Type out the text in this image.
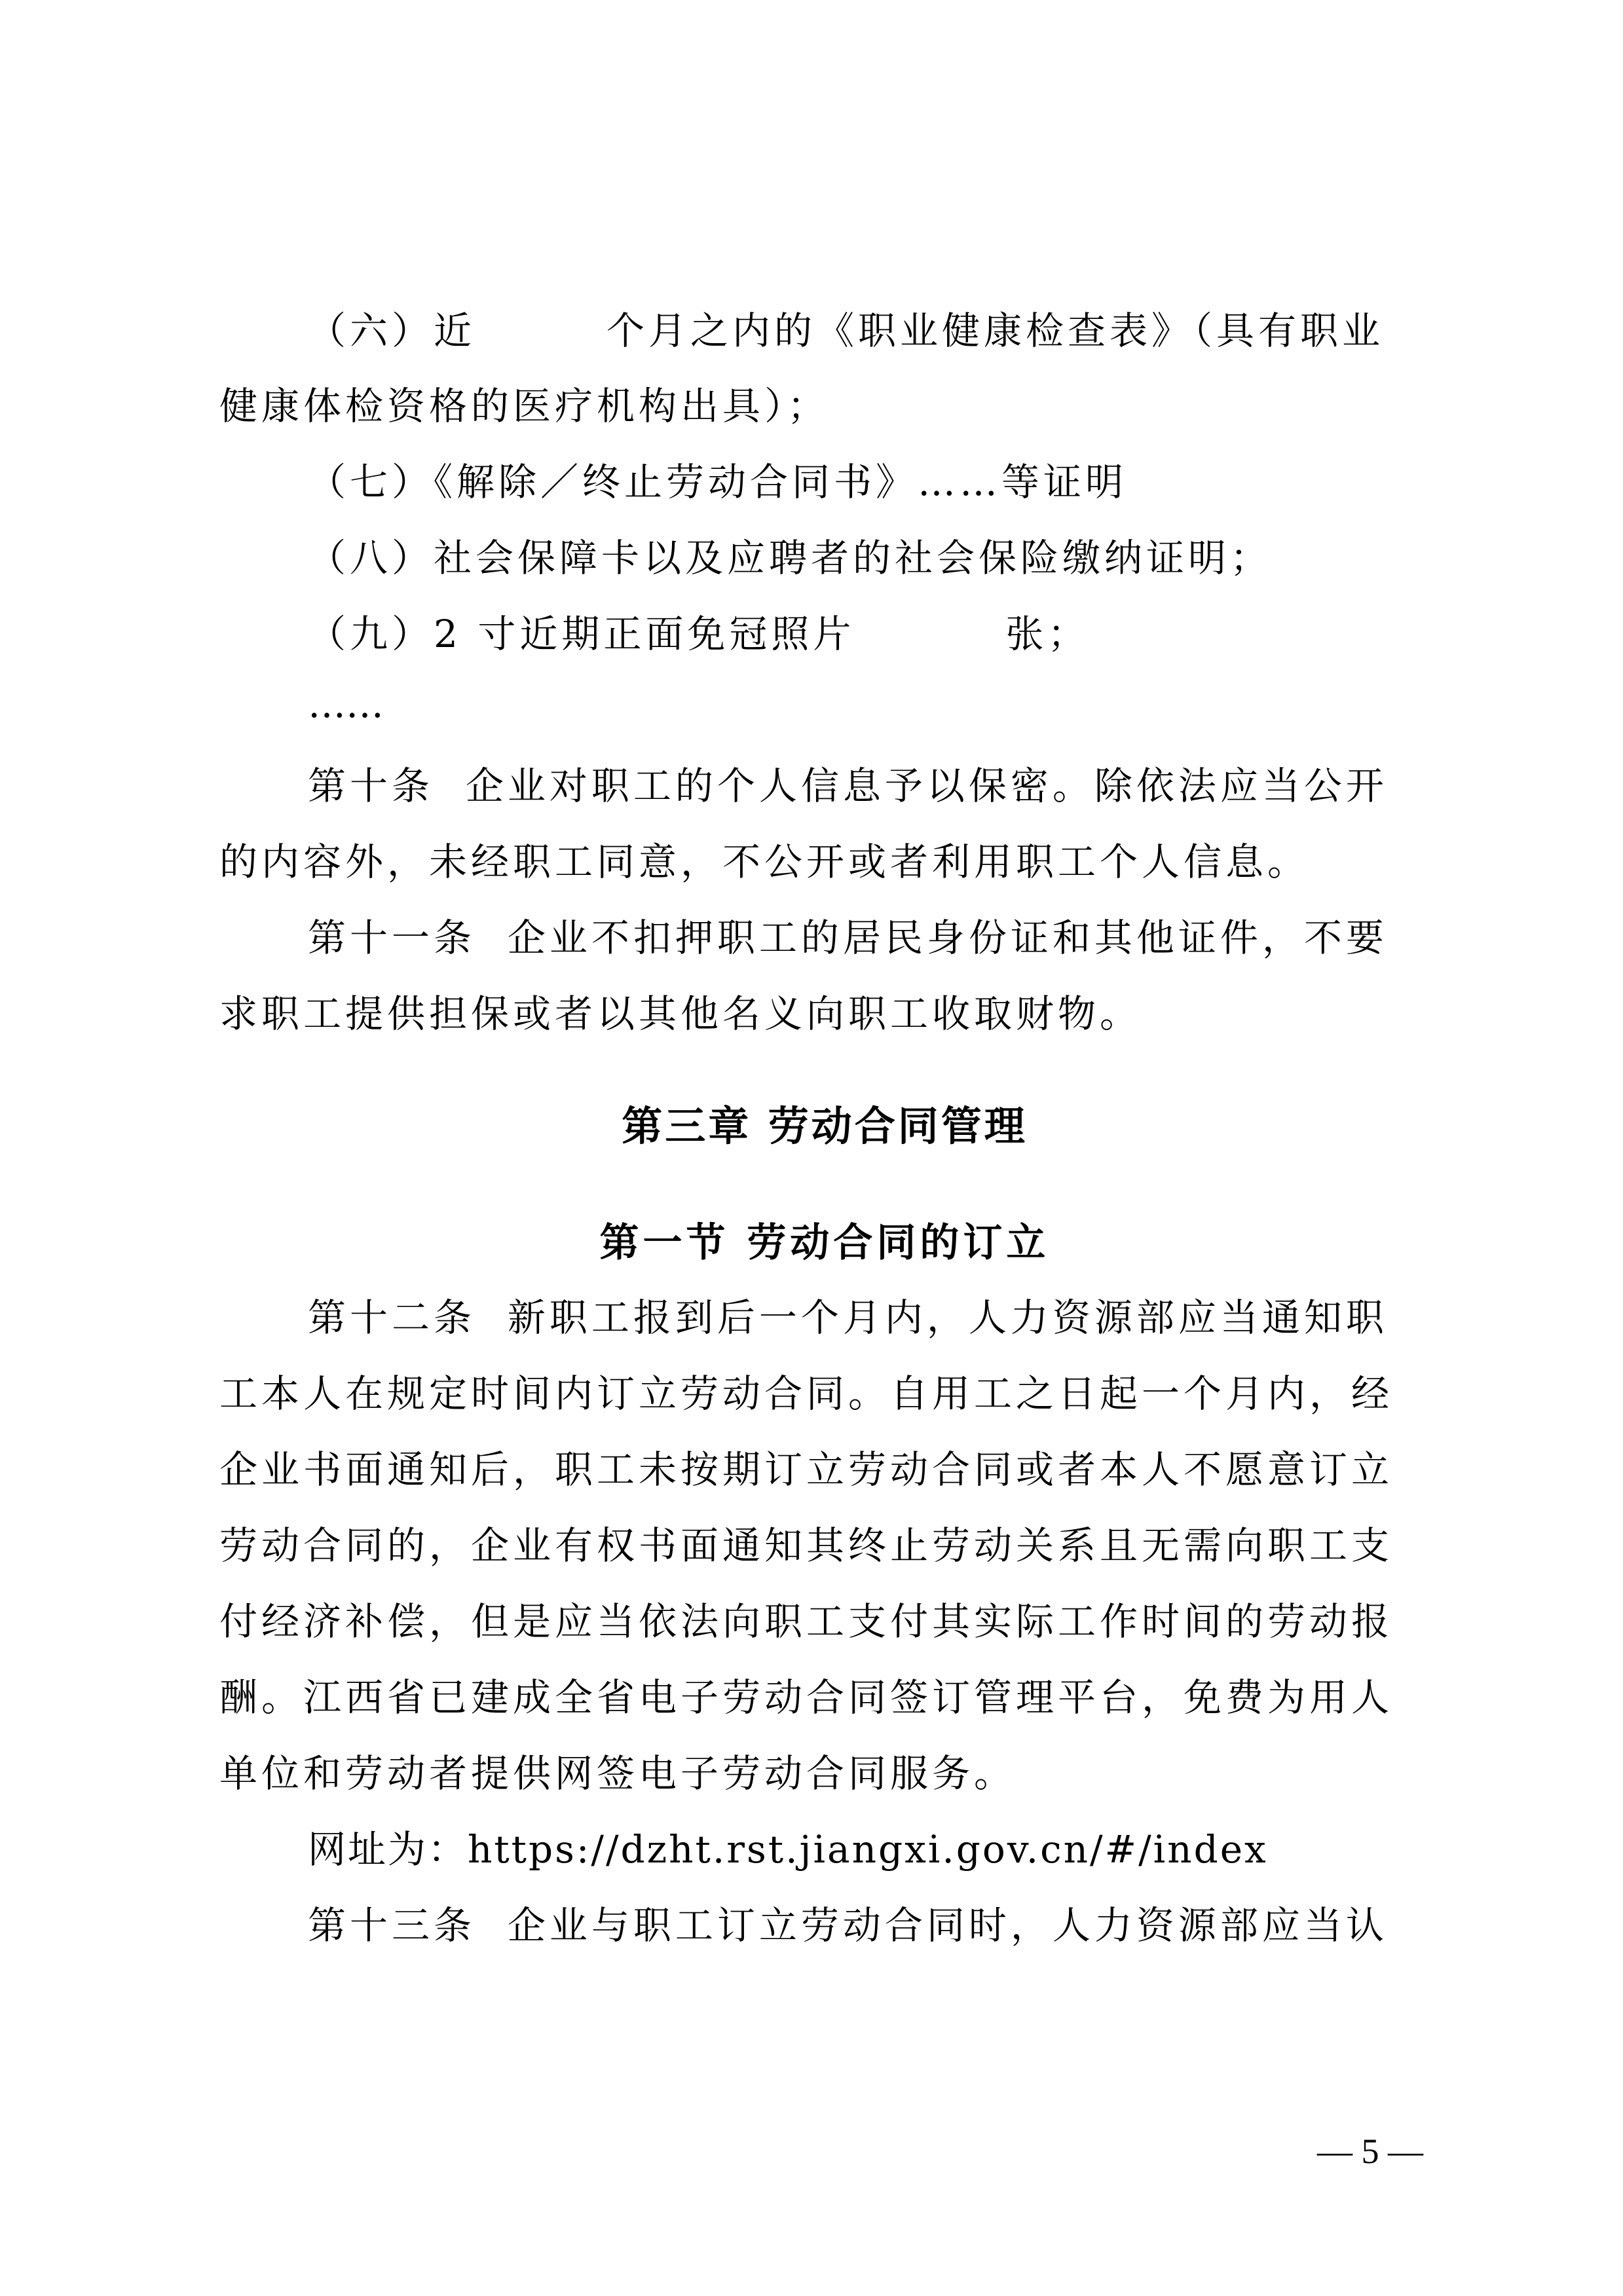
（六）近	个月之内的《职业健康检查表》（具有职业
健康体检资格的医疗机构出具）；
（七）《解除／终止劳动合同书》……等证明
（八）社会保障卡以及应聘者的社会保险缴纳证明；
（九）2 寸近期正面免冠照片	张；
……
第十条  企业对职工的个人信息予以保密。除依法应当公开
的内容外，未经职工同意，不公开或者利用职工个人信息。
第十一条  企业不扣押职工的居民身份证和其他证件，不要
求职工提供担保或者以其他名义向职工收取财物。
第三章 劳动合同管理
第一节 劳动合同的订立
第十二条  新职工报到后一个月内，人力资源部应当通知职
工本人在规定时间内订立劳动合同。自用工之日起一个月内，经
企业书面通知后，职工未按期订立劳动合同或者本人不愿意订立
劳动合同的，企业有权书面通知其终止劳动关系且无需向职工支
付经济补偿，但是应当依法向职工支付其实际工作时间的劳动报
酬。江西省已建成全省电子劳动合同签订管理平台，免费为用人
单位和劳动者提供网签电子劳动合同服务。
网址为：https://dzht.rst.jiangxi.gov.cn/#/index
第十三条  企业与职工订立劳动合同时，人力资源部应当认
— 5 —
